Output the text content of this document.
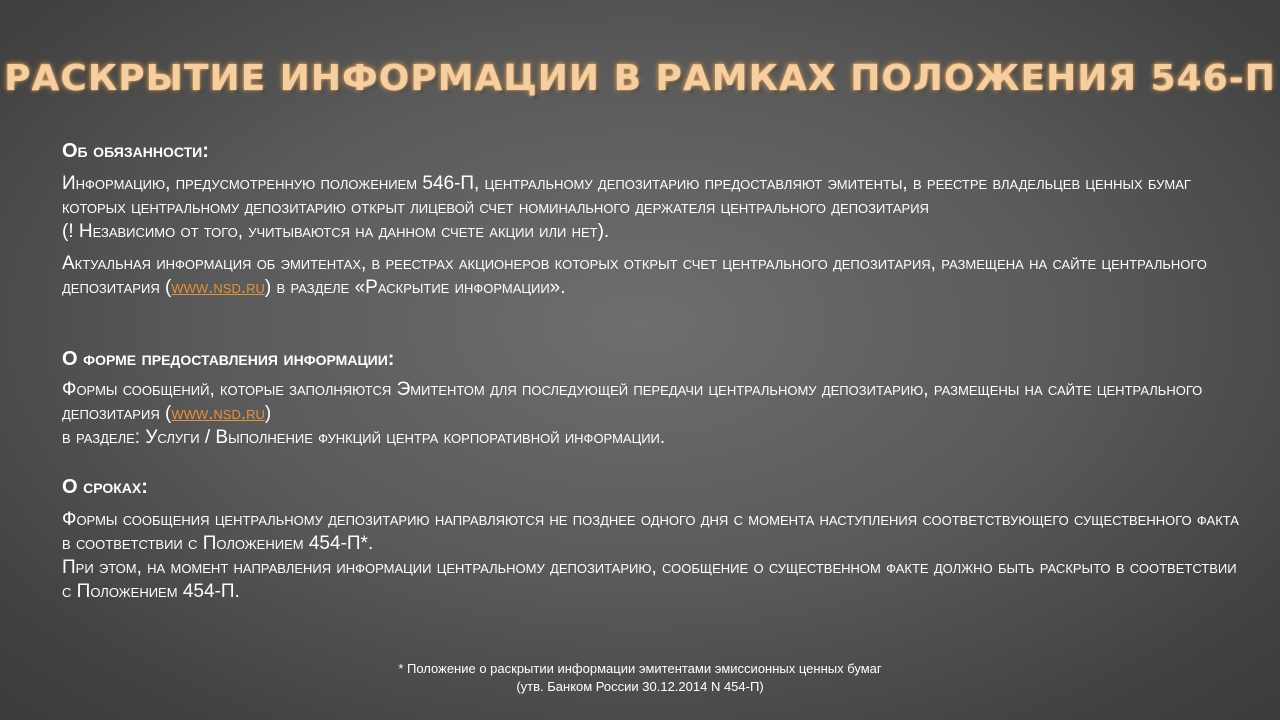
РАСКРЫТИЕ ИНФОРМАЦИИ В РАМКАХ ПОЛОЖЕНИЯ 546-П
Об обязанности:

Информацию, предусмотренную положением 546-П, центральному депозитарию предоставляют эмитенты, в реестре владельцев ценных бумаг которых центральному депозитарию открыт лицевой счет номинального держателя центрального депозитария

(! Независимо от того, учитываются на данном счете акции или нет).

Актуальная информация об эмитентах, в реестрах акционеров которых открыт счет центрального депозитария, размещена на сайте центрального депозитария (www.nsd.ru) в разделе «Раскрытие информации».

О форме предоставления информации:

Формы сообщений, которые заполняются Эмитентом для последующей передачи центральному депозитарию, размещены на сайте центрального депозитария (www.nsd.ru)

в разделе: Услуги / Выполнение функций центра корпоративной информации.

О сроках:

Формы сообщения центральному депозитарию направляются не позднее одного дня с момента наступления соответствующего существенного факта в соответствии с Положением 454-П*.

При этом, на момент направления информации центральному депозитарию, сообщение о существенном факте должно быть раскрыто в соответствии с Положением 454-П.

* Положение о раскрытии информации эмитентами эмиссионных ценных бумаг
(утв. Банком России 30.12.2014 N 454-П)
